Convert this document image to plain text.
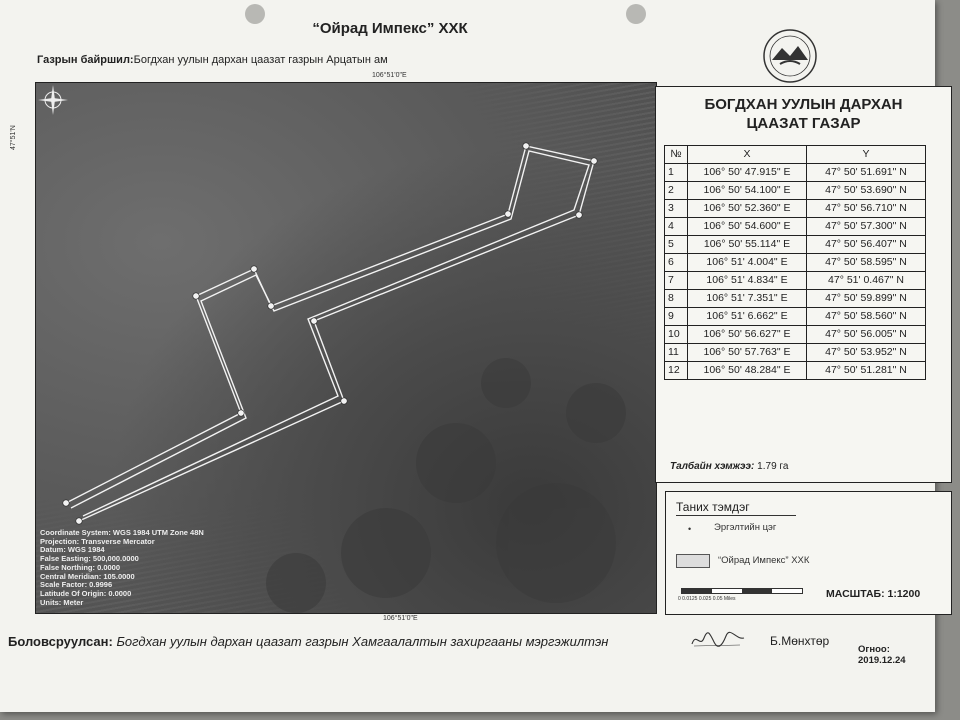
“Ойрад Импекс” ХХК
Газрын байршил:Богдхан уулын дархан цаазат газрын Арцатын ам
106°51'0"E
106°51'0"E
47°51'N
Coordinate System: WGS 1984 UTM Zone 48N
Projection: Transverse Mercator
Datum: WGS 1984
False Easting: 500,000.0000
False Northing: 0.0000
Central Meridian: 105.0000
Scale Factor: 0.9996
Latitude Of Origin: 0.0000
Units: Meter
БОГДХАН УУЛЫН ДАРХАН
ЦААЗАТ ГАЗАР
№	X	Y
1	106° 50' 47.915" E	47° 50' 51.691" N
2	106° 50' 54.100" E	47° 50' 53.690" N
3	106° 50' 52.360" E	47° 50' 56.710" N
4	106° 50' 54.600" E	47° 50' 57.300" N
5	106° 50' 55.114" E	47° 50' 56.407" N
6	106° 51' 4.004" E	47° 50' 58.595" N
7	106° 51' 4.834" E	47° 51' 0.467" N
8	106° 51' 7.351" E	47° 50' 59.899" N
9	106° 51' 6.662" E	47° 50' 58.560" N
10	106° 50' 56.627" E	47° 50' 56.005" N
11	106° 50' 57.763" E	47° 50' 53.952" N
12	106° 50' 48.284" E	47° 50' 51.281" N
Талбайн хэмжээ: 1.79 га
Таних тэмдэг
• Эргэлтийн цэг
“Ойрад Импекс” ХХК
0 0.0125 0.025 0.05 Miles	МАСШТАБ: 1:1200
Боловсруулсан: Богдхан уулын дархан цаазат газрын Хамгаалалтын захиргааны мэргэжилтэн	Б.Мөнхтөр
Огноо: 2019.12.24
